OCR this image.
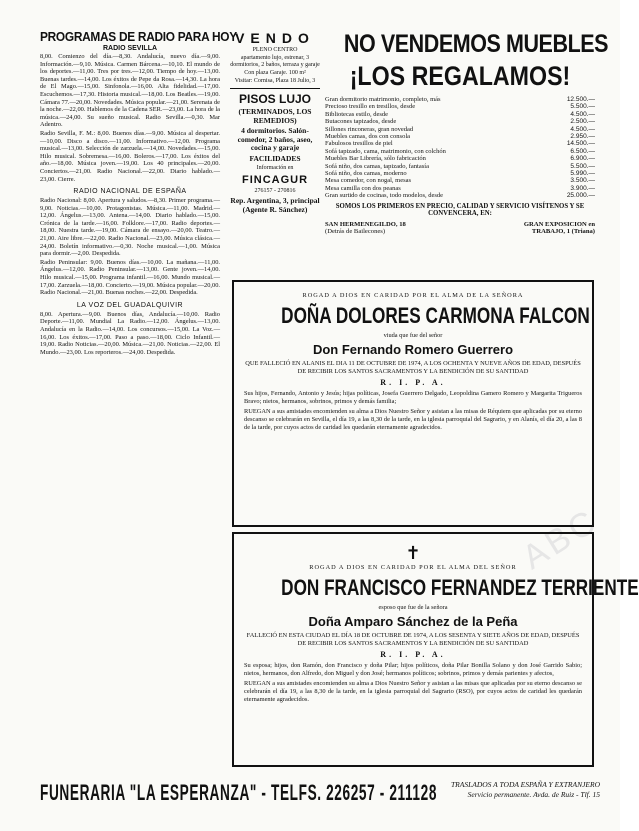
ABC
PROGRAMAS DE RADIO PARA HOY
RADIO SEVILLA

8,00. Comienzo del día.—8,30. Andalucía, nuevo día.—9,00. Información.—9,10. Música. Carmen Bárcena.—10,10. El mundo de los deportes.—11,00. Tres por tres.—12,00. Tiempo de hoy.—13,00. Buenas tardes.—14,00. Los éxitos de Pepe da Rosa.—14,30. La hora de El Mago.—15,00. Sinfonola.—16,00. Alta fidelidad.—17,00. Escuchemos.—17,30. Historia musical.—18,00. Los Beatles.—19,00. Cámara 77.—20,00. Novedades. Música popular.—21,00. Serenata de la noche.—22,00. Hablemos de la Cadena SER.—23,00. La hora de la música.—24,00. Su sueño musical. Radio Sevilla.—0,30. Mar Adentro.

Radio Sevilla, F. M.: 8,00. Buenos días.—9,00. Música al despertar.—10,00. Disco a disco.—11,00. Informativo.—12,00. Programa musical.—13,00. Selección de zarzuela.—14,00. Novedades.—15,00. Hilo musical. Sobremesa.—16,00. Boleros.—17,00. Los éxitos del año.—18,00. Música joven.—19,00. Los 40 principales.—20,00. Conciertos.—21,00. Radio Nacional.—22,00. Diario hablado.—23,00. Cierre.

RADIO NACIONAL DE ESPAÑA

Radio Nacional: 8,00. Apertura y saludos.—8,30. Primer programa.—9,00. Noticias.—10,00. Protagonistas. Música.—11,00. Madrid.—12,00. Ángelus.—13,00. Antena.—14,00. Diario hablado.—15,00. Crónica de la tarde.—16,00. Folklore.—17,00. Radio deportes.—18,00. Nuestra tarde.—19,00. Cámara de ensayo.—20,00. Teatro.—21,00. Aire libre.—22,00. Radio Nacional.—23,00. Música clásica.—24,00. Boletín informativo.—0,30. Noche musical.—1,00. Música para dormir.—2,00. Despedida.

Radio Peninsular: 9,00. Buenos días.—10,00. La mañana.—11,00. Ángelus.—12,00. Radio Peninsular.—13,00. Gente joven.—14,00. Hilo musical.—15,00. Programa infantil.—16,00. Mundo musical.—17,00. Zarzuela.—18,00. Concierto.—19,00. Música popular.—20,00. Radio Nacional.—21,00. Buenas noches.—22,00. Despedida.

LA VOZ DEL GUADALQUIVIR

8,00. Apertura.—9,00. Buenos días, Andalucía.—10,00. Radio Deporte.—11,00. Mundial La Radio.—12,00. Ángelus.—13,00. Andalucía en la Radio.—14,00. Los concursos.—15,00. La Voz.—16,00. Los éxitos.—17,00. Paso a paso.—18,00. Ciclo Infantil.—19,00. Radio Noticias.—20,00. Música.—21,00. Noticias.—22,00. El Mundo.—23,00. Los reporteros.—24,00. Despedida.

VENDO
PLENO CENTRO
apartamento lujo, estrenar, 3 dormitorios, 2 baños, terraza y garaje
Con plaza Garaje. 100 m²
Visitar: Cornisa, Plaza 18 Julio, 3
PISOS LUJO
(TERMINADOS, LOS REMEDIOS)
4 dormitorios. Salón-comedor, 2 baños, aseo, cocina y garaje
FACILIDADES
Información en
FINCAGUR
276157 - 270816
Rep. Argentina, 3, principal (Agente R. Sánchez)
NO VENDEMOS MUEBLES
¡LOS REGALAMOS!
Gran dormitorio matrimonio, completo, más	12.500.—
Precioso tresillo en tresillos, desde	5.500.—
Bibliotecas estilo, desde	4.500.—
Butacones tapizados, desde	2.500.—
Sillones rinconeras, gran novedad	4.500.—
Muebles camas, dos con consola	2.950.—
Fabulosos tresillos de piel	14.500.—
Sofá tapizado, cama, matrimonio, con colchón	6.500.—
Muebles Bar Librería, sólo fabricación	6.900.—
Sofá niño, dos camas, tapizado, fantasía	5.500.—
Sofá niño, dos camas, moderno	5.990.—
Mesa comedor, con nogal, mesas	3.500.—
Mesa camilla con dos peanas	3.900.—
Gran surtido de cocinas, todo modelos, desde	25.000.—
SOMOS LOS PRIMEROS EN PRECIO, CALIDAD Y SERVICIO VISÍTENOS Y SE CONVENCERA, EN:
SAN HERMENEGILDO, 18
(Detrás de Bailecones)
GRAN EXPOSICION en
TRABAJO, 1 (Triana)
ROGAD A DIOS EN CARIDAD POR EL ALMA DE LA SEÑORA
DOÑA DOLORES CARMONA FALCON
viuda que fue del señor
Don Fernando Romero Guerrero
QUE FALLECIÓ EN ALANIS EL DIA 11 DE OCTUBRE DE 1974, A LOS OCHENTA Y NUEVE AÑOS DE EDAD, DESPUÉS DE RECIBIR LOS SANTOS SACRAMENTOS Y LA BENDICIÓN DE SU SANTIDAD
R. I. P. A.
Sus hijos, Fernando, Antonio y Jesús; hijas políticas, Josefa Guerrero Delgado, Leopoldina Gamero Romero y Margarita Trigueros Bravo; nietos, hermanos, sobrinos, primos y demás familia;
RUEGAN a sus amistades encomienden su alma a Dios Nuestro Señor y asistan a las misas de Réquiem que aplicadas por su eterno descanso se celebrarán en Sevilla, el día 19, a las 8,30 de la tarde, en la iglesia parroquial del Sagrario, y en Alanís, el día 20, a las 8 de la tarde, por cuyos actos de caridad les quedarán eternamente agradecidos.
✝
ROGAD A DIOS EN CARIDAD POR EL ALMA DEL SEÑOR
DON FRANCISCO FERNANDEZ TERRIENTE
esposo que fue de la señora
Doña Amparo Sánchez de la Peña
FALLECIÓ EN ESTA CIUDAD EL DÍA 18 DE OCTUBRE DE 1974, A LOS SESENTA Y SIETE AÑOS DE EDAD, DESPUÉS DE RECIBIR LOS SANTOS SACRAMENTOS Y LA BENDICIÓN DE SU SANTIDAD
R. I. P. A.
Su esposa; hijos, don Ramón, don Francisco y doña Pilar; hijos políticos, doña Pilar Bonilla Solano y don José Garrido Sabio; nietos, hermanos, don Alfredo, don Miguel y don José; hermanos políticos; sobrinos, primos y demás parientes y afectos,
RUEGAN a sus amistades encomienden su alma a Dios Nuestro Señor y asistan a las misas que aplicadas por su eterno descanso se celebrarán el día 19, a las 8,30 de la tarde, en la iglesia parroquial del Sagrario (RSO), por cuyos actos de caridad les quedarán eternamente agradecidos.
FUNERARIA "LA ESPERANZA" - TELFS. 226257 - 211128 TRASLADOS A TODA ESPAÑA Y EXTRANJERO
Servicio permanente. Avda. de Ruiz - Tlf. 15
